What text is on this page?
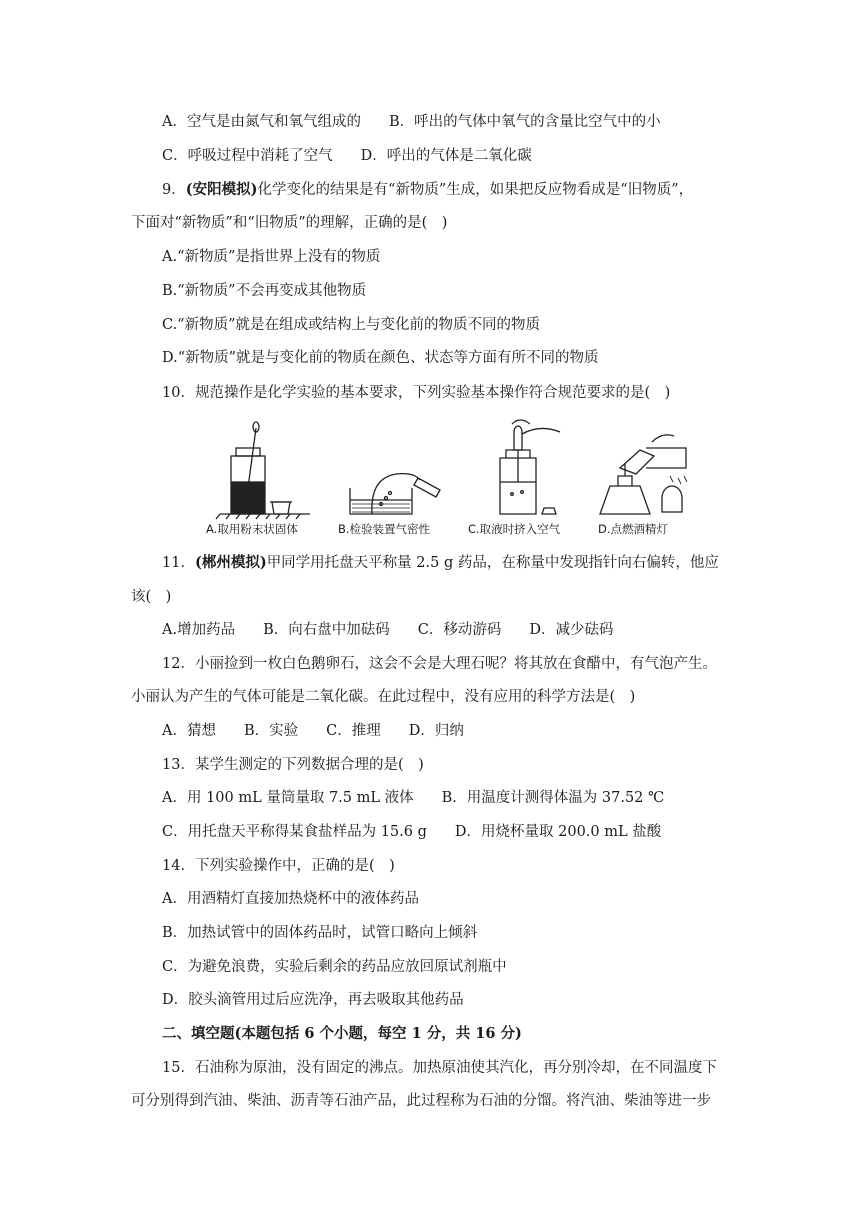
A．空气是由氮气和氧气组成的 B．呼出的气体中氧气的含量比空气中的小
C．呼吸过程中消耗了空气 D．呼出的气体是二氧化碳
9．(安阳模拟)化学变化的结果是有“新物质”生成，如果把反应物看成是“旧物质”，
下面对“新物质”和“旧物质”的理解，正确的是(　)
A.“新物质”是指世界上没有的物质
B.“新物质”不会再变成其他物质
C.“新物质”就是在组成或结构上与变化前的物质不同的物质
D.“新物质”就是与变化前的物质在颜色、状态等方面有所不同的物质
10．规范操作是化学实验的基本要求，下列实验基本操作符合规范要求的是(　)
A.取用粉末状固体	B.检验装置气密性	C.取液时挤入空气	D.点燃酒精灯
11．(郴州模拟)甲同学用托盘天平称量 2.5 g 药品，在称量中发现指针向右偏转，他应
该(　)
A.增加药品 B．向右盘中加砝码 C．移动游码 D．减少砝码
12．小丽捡到一枚白色鹅卵石，这会不会是大理石呢？将其放在食醋中，有气泡产生。
小丽认为产生的气体可能是二氧化碳。在此过程中，没有应用的科学方法是(　)
A．猜想 B．实验 C．推理 D．归纳
13．某学生测定的下列数据合理的是(　)
A．用 100 mL 量筒量取 7.5 mL 液体 B．用温度计测得体温为 37.52 ℃
C．用托盘天平称得某食盐样品为 15.6 g D．用烧杯量取 200.0 mL 盐酸
14．下列实验操作中，正确的是(　)
A．用酒精灯直接加热烧杯中的液体药品
B．加热试管中的固体药品时，试管口略向上倾斜
C．为避免浪费，实验后剩余的药品应放回原试剂瓶中
D．胶头滴管用过后应洗净，再去吸取其他药品
二、填空题(本题包括 6 个小题，每空 1 分，共 16 分)
15．石油称为原油，没有固定的沸点。加热原油使其汽化，再分别冷却，在不同温度下
可分别得到汽油、柴油、沥青等石油产品，此过程称为石油的分馏。将汽油、柴油等进一步
